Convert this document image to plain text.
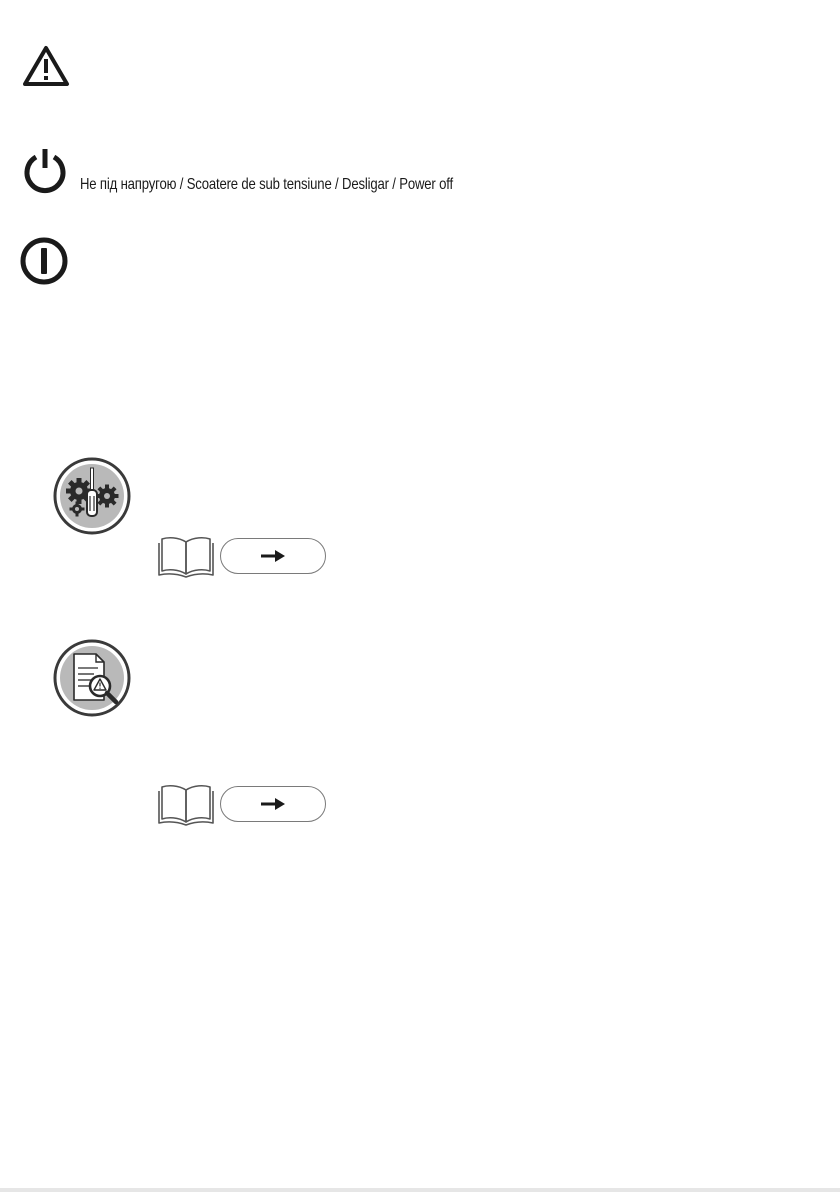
Не під напругою / Scoatere de sub tensiune / Desligar / Power off
